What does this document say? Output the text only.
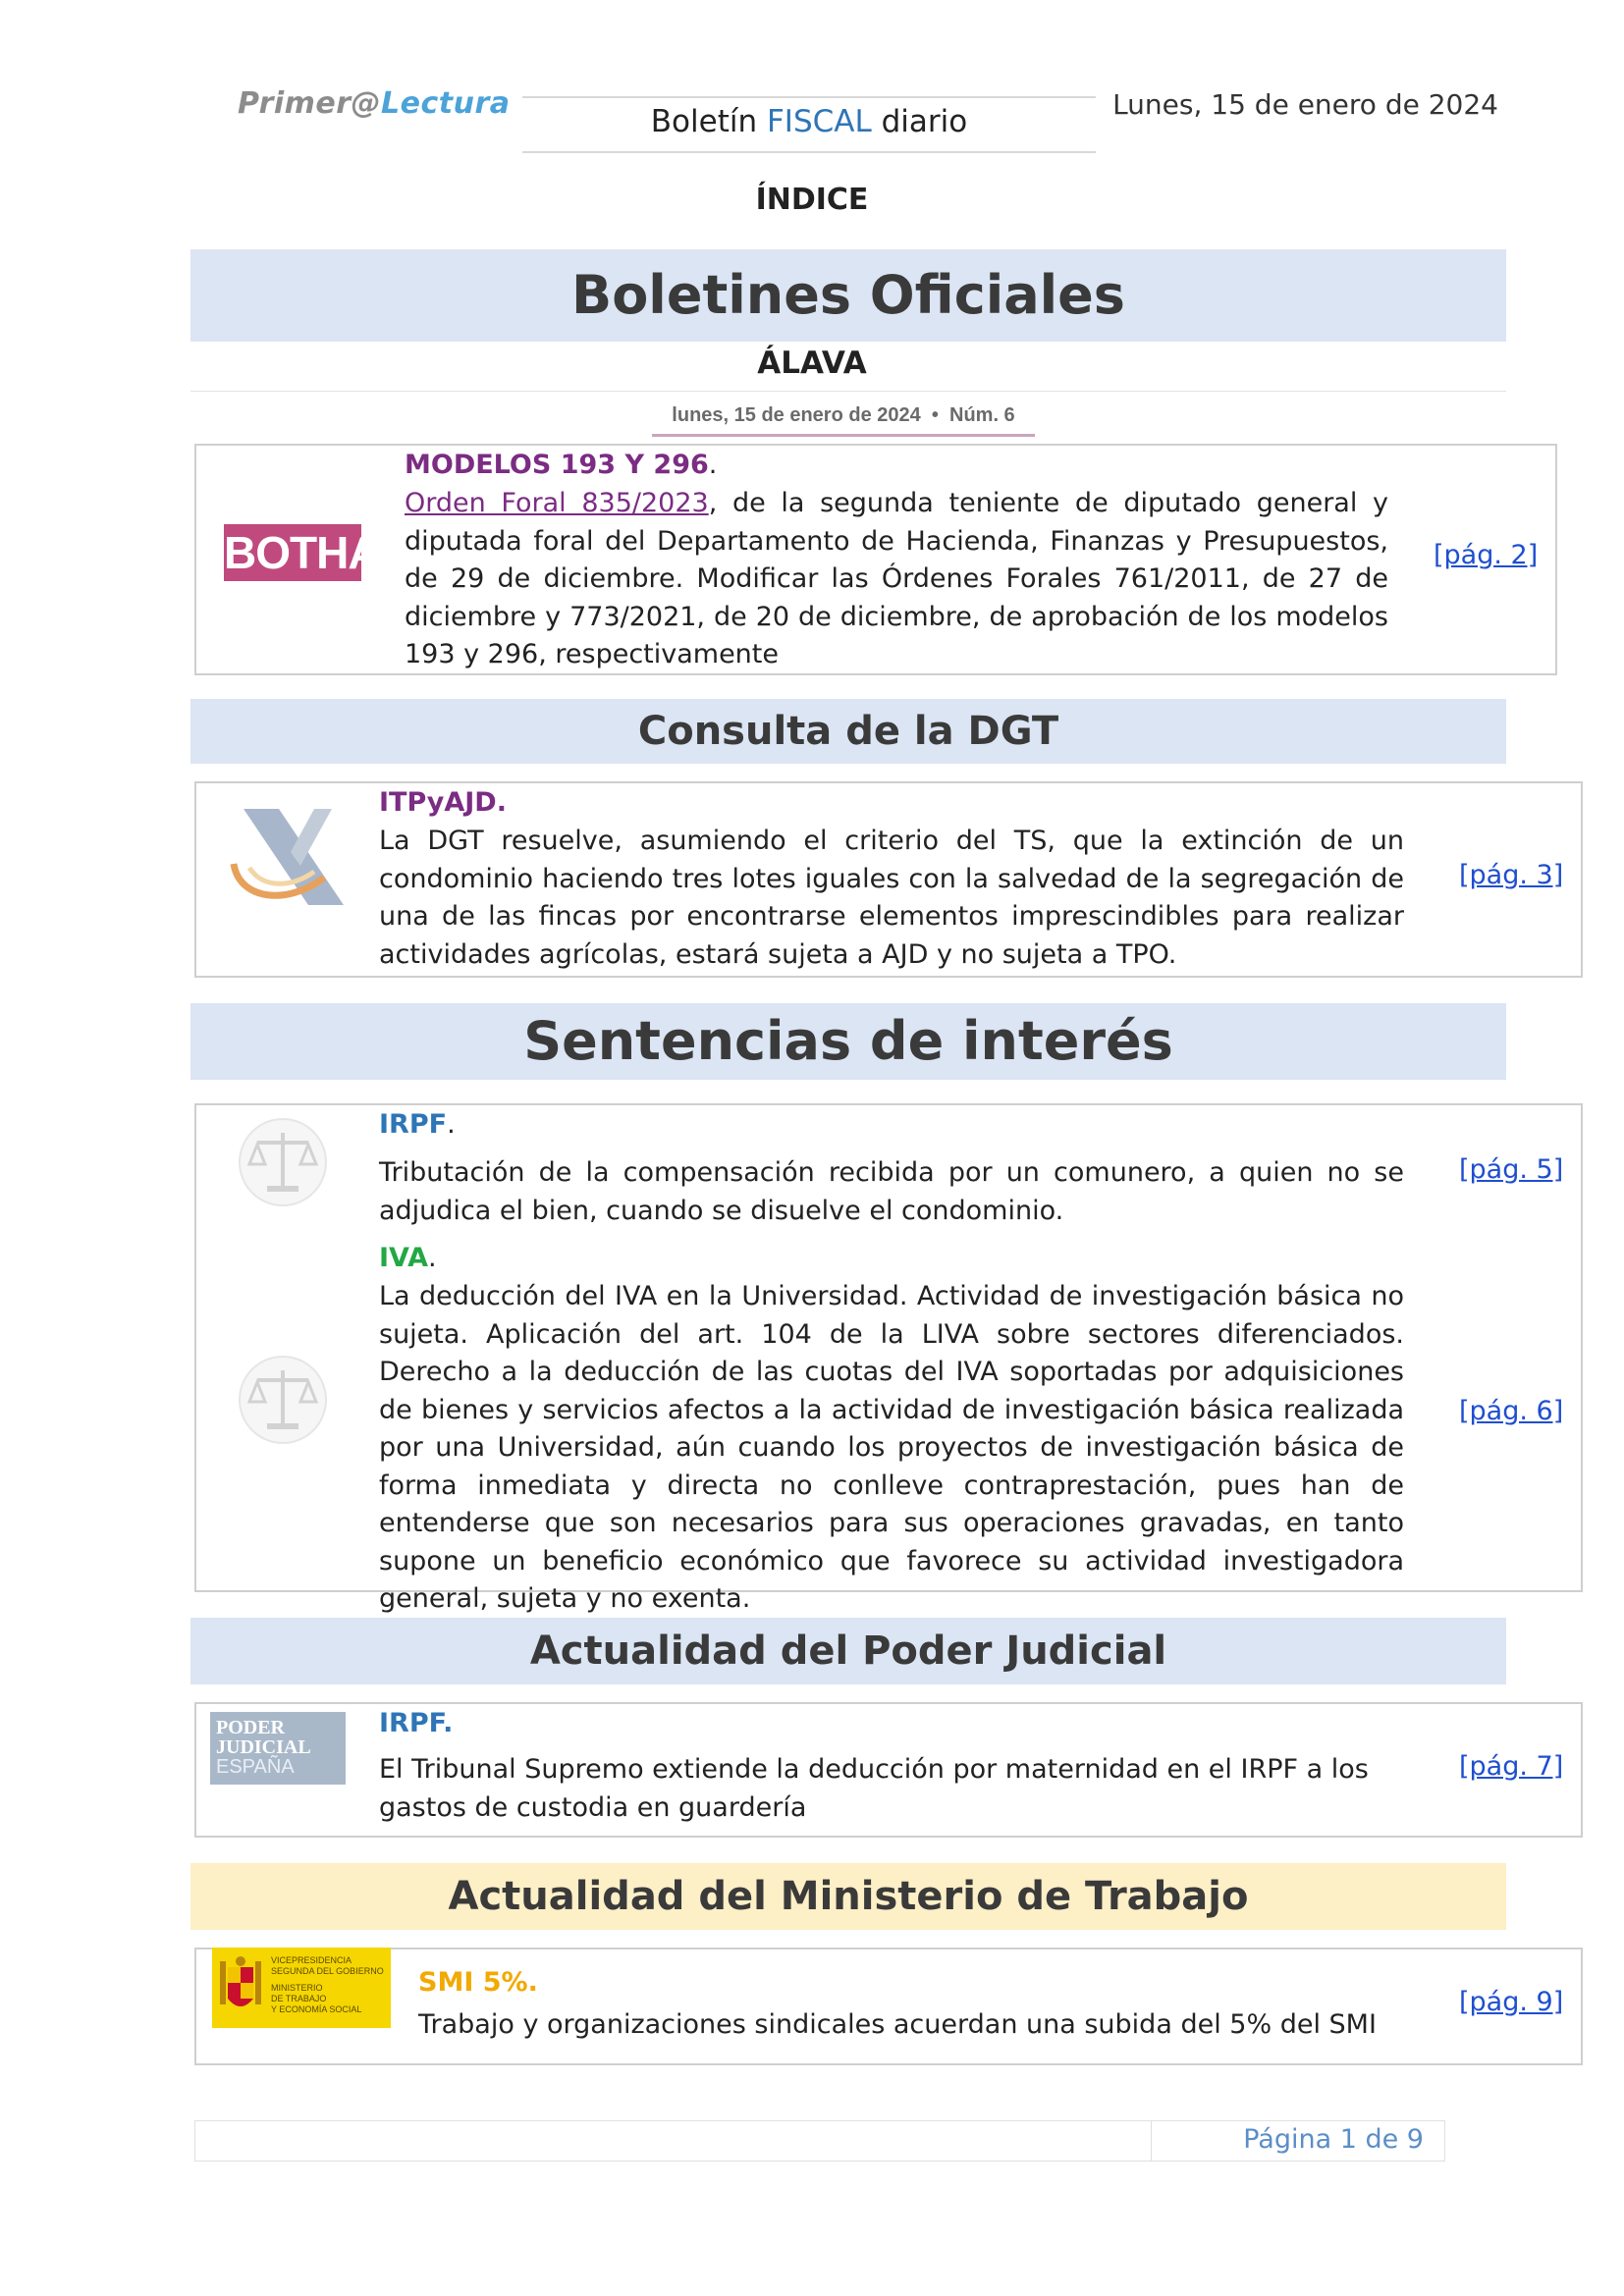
Primer@Lectura
Boletín FISCAL diario	Lunes, 15 de enero de 2024
ÍNDICE
Boletines Oficiales
ÁLAVA
lunes, 15 de enero de 2024  •  Núm. 6
BOTHA
MODELOS 193 Y 296.
Orden Foral 835/2023, de la segunda teniente de diputado general y diputada foral del Departamento de Hacienda, Finanzas y Presupuestos, de 29 de diciembre. Modificar las Órdenes Forales 761/2011, de 27 de diciembre y 773/2021, de 20 de diciembre, de aprobación de los modelos 193 y 296, respectivamente
[pág. 2]
Consulta de la DGT
ITPyAJD.
La DGT resuelve, asumiendo el criterio del TS, que la extinción de un condominio haciendo tres lotes iguales con la salvedad de la segregación de una de las fincas por encontrarse elementos imprescindibles para realizar actividades agrícolas, estará sujeta a AJD y no sujeta a TPO.
[pág. 3]
Sentencias de interés
IRPF.
Tributación de la compensación recibida por un comunero, a quien no se adjudica el bien, cuando se disuelve el condominio.
[pág. 5]
IVA.
La deducción del IVA en la Universidad. Actividad de investigación básica no sujeta. Aplicación del art. 104 de la LIVA sobre sectores diferenciados. Derecho a la deducción de las cuotas del IVA soportadas por adquisiciones de bienes y servicios afectos a la actividad de investigación básica realizada por una Universidad, aún cuando los proyectos de investigación básica de forma inmediata y directa no conlleve contraprestación, pues han de entenderse que son necesarios para sus operaciones gravadas, en tanto supone un beneficio económico que favorece su actividad investigadora general, sujeta y no exenta.
[pág. 6]
Actualidad del Poder Judicial
PODER
JUDICIAL
ESPAÑA
IRPF.
El Tribunal Supremo extiende la deducción por maternidad en el IRPF a los gastos de custodia en guardería
[pág. 7]
Actualidad del Ministerio de Trabajo
VICEPRESIDENCIA
SEGUNDA DEL GOBIERNO
MINISTERIO
DE TRABAJO
Y ECONOMÍA SOCIAL
SMI 5%.
Trabajo y organizaciones sindicales acuerdan una subida del 5% del SMI
[pág. 9]
Página 1 de 9
